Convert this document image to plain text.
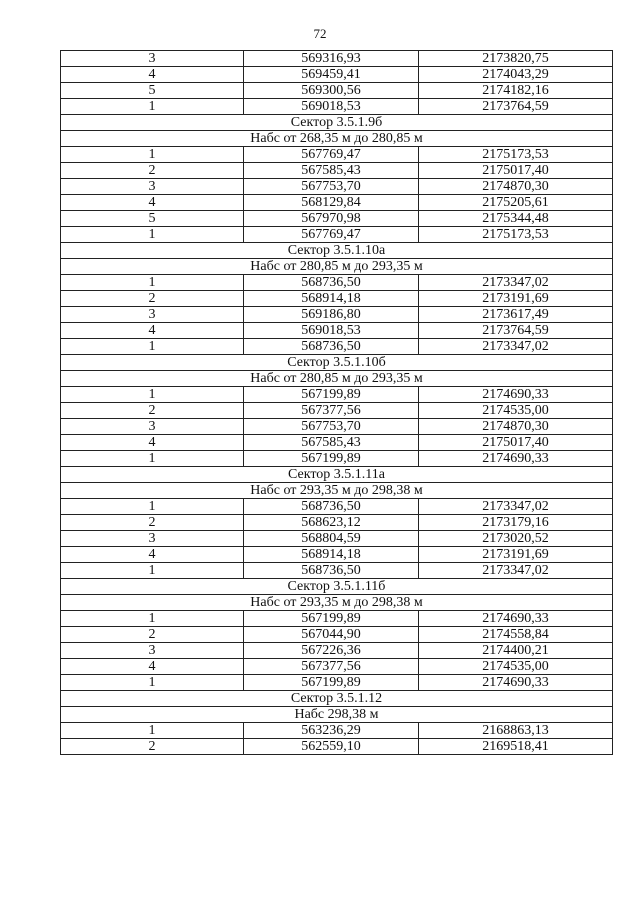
72
3	569316,93	2173820,75
4	569459,41	2174043,29
5	569300,56	2174182,16
1	569018,53	2173764,59
Сектор 3.5.1.9б		
Набс от 268,35 м до 280,85 м		
1	567769,47	2175173,53
2	567585,43	2175017,40
3	567753,70	2174870,30
4	568129,84	2175205,61
5	567970,98	2175344,48
1	567769,47	2175173,53
Сектор 3.5.1.10а		
Набс от 280,85 м до 293,35 м		
1	568736,50	2173347,02
2	568914,18	2173191,69
3	569186,80	2173617,49
4	569018,53	2173764,59
1	568736,50	2173347,02
Сектор 3.5.1.10б		
Набс от 280,85 м до 293,35 м		
1	567199,89	2174690,33
2	567377,56	2174535,00
3	567753,70	2174870,30
4	567585,43	2175017,40
1	567199,89	2174690,33
Сектор 3.5.1.11а		
Набс от 293,35 м до 298,38 м		
1	568736,50	2173347,02
2	568623,12	2173179,16
3	568804,59	2173020,52
4	568914,18	2173191,69
1	568736,50	2173347,02
Сектор 3.5.1.11б		
Набс от 293,35 м до 298,38 м		
1	567199,89	2174690,33
2	567044,90	2174558,84
3	567226,36	2174400,21
4	567377,56	2174535,00
1	567199,89	2174690,33
Сектор 3.5.1.12		
Набс 298,38 м		
1	563236,29	2168863,13
2	562559,10	2169518,41
